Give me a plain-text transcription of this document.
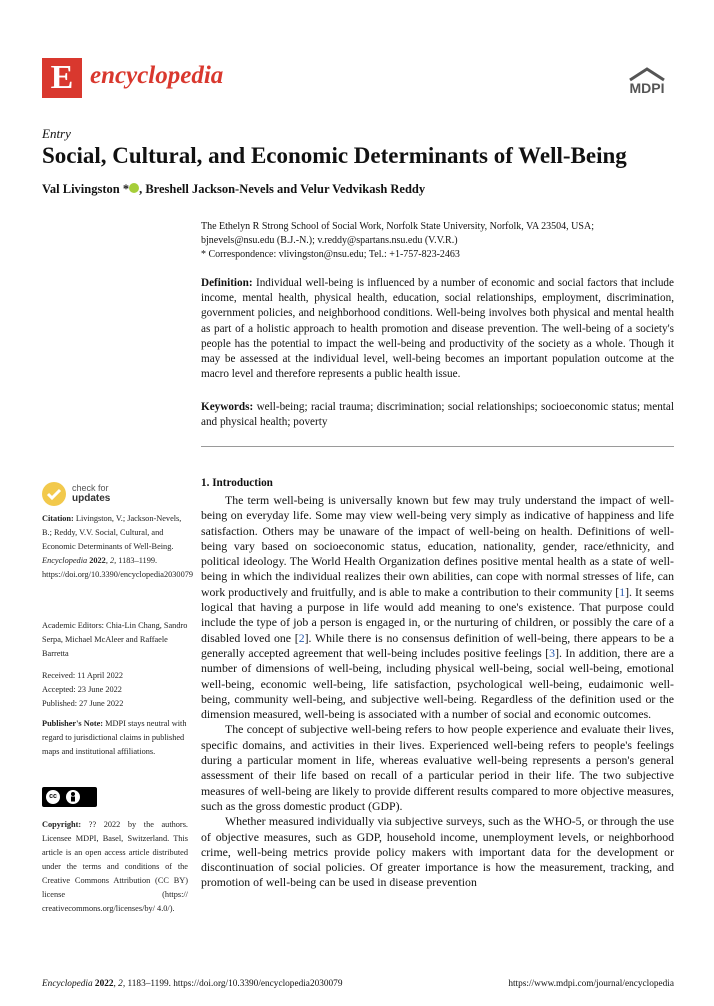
E encyclopedia	MDPI
Entry
Social, Cultural, and Economic Determinants of Well-Being
Val Livingston * , Breshell Jackson-Nevels and Velur Vedvikash Reddy
The Ethelyn R Strong School of Social Work, Norfolk State University, Norfolk, VA 23504, USA;
bjnevels@nsu.edu (B.J.-N.); v.reddy@spartans.nsu.edu (V.V.R.)
* Correspondence: vlivingston@nsu.edu; Tel.: +1-757-823-2463
Definition: Individual well-being is influenced by a number of economic and social factors that include income, mental health, physical health, education, social relationships, employment, discrimination, government policies, and neighborhood conditions. Well-being involves both physical and mental health as part of a holistic approach to health promotion and disease prevention. The well-being of a society's people has the potential to impact the well-being and productivity of the society as a whole. Though it may be assessed at the individual level, well-being becomes an important population outcome at the macro level and therefore represents a public health issue.
Keywords: well-being; racial trauma; discrimination; social relationships; socioeconomic status; mental and physical health; poverty
check for
updates
Citation: Livingston, V.; Jackson-Nevels, B.; Reddy, V.V. Social, Cultural, and Economic Determinants of Well-Being. Encyclopedia 2022, 2, 1183–1199. https://doi.org/10.3390/encyclopedia2030079
Academic Editors: Chia-Lin Chang, Sandro Serpa, Michael McAleer and Raffaele Barretta
Received: 11 April 2022
Accepted: 23 June 2022
Published: 27 June 2022
Publisher's Note: MDPI stays neutral with regard to jurisdictional claims in published maps and institutional affiliations.
cc
Copyright: ?? 2022 by the authors. Licensee MDPI, Basel, Switzerland. This article is an open access article distributed under the terms and conditions of the Creative Commons Attribution (CC BY) license (https:// creativecommons.org/licenses/by/ 4.0/).
1. Introduction

The term well-being is universally known but few may truly understand the impact of well-being on everyday life. Some may view well-being very simply as indicative of happiness and life satisfaction. Others may be unaware of the impact of well-being on health. Definitions of well-being vary based on socioeconomic status, education, nationality, gender, race/ethnicity, and political ideology. The World Health Organization defines positive mental health as a state of well-being in which the individual realizes their own abilities, can cope with normal stresses of life, can work productively and fruitfully, and is able to make a contribution to their community [1]. It seems logical that having a purpose in life would add meaning to one's existence. That purpose could include the type of job a person is engaged in, or the nurturing of children, or possibly the care of a disabled loved one [2]. While there is no consensus definition of well-being, there appears to be a generally accepted agreement that well-being includes positive feelings [3]. In addition, there are a number of dimensions of well-being, including physical well-being, social well-being, emotional well-being, economic well-being, life satisfaction, psychological well-being, eudaimonic well-being, community well-being, and subjective well-being. Regardless of the definition used or the dimension measured, well-being is associated with a number of social and economic outcomes.

The concept of subjective well-being refers to how people experience and evaluate their lives, specific domains, and activities in their lives. Experienced well-being refers to people's feelings during a particular moment in life, whereas evaluative well-being represents a person's general assessment of their life based on recall of a particular period in their life. The two subjective measures of well-being are likely to provide different results compared to more objective measures, such as the gross domestic product (GDP).

Whether measured individually via subjective surveys, such as the WHO-5, or through the use of objective measures, such as GDP, household income, unemployment levels, or neighborhood crime, well-being metrics provide policy makers with important data for the development or discontinuation of social policies. Of greater importance is how the measurement, tracking, and promotion of well-being can be used in disease prevention

Encyclopedia 2022, 2, 1183–1199. https://doi.org/10.3390/encyclopedia2030079	https://www.mdpi.com/journal/encyclopedia
